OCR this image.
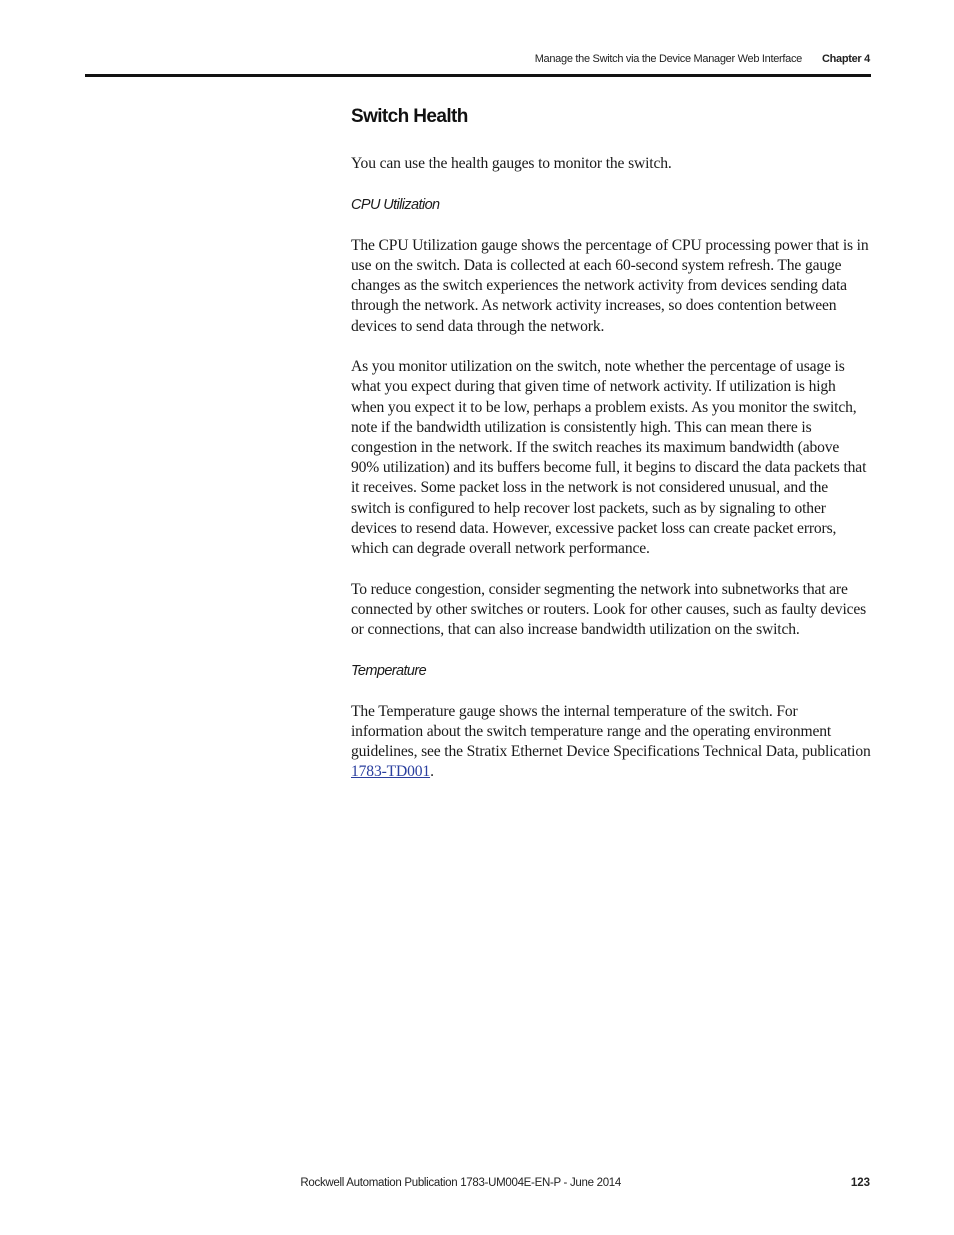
Manage the Switch via the Device Manager Web Interface Chapter 4
Switch Health

You can use the health gauges to monitor the switch.

CPU Utilization

The CPU Utilization gauge shows the percentage of CPU processing power that is in use on the switch. Data is collected at each 60-second system refresh. The gauge changes as the switch experiences the network activity from devices sending data through the network. As network activity increases, so does contention between devices to send data through the network.

As you monitor utilization on the switch, note whether the percentage of usage is what you expect during that given time of network activity. If utilization is high when you expect it to be low, perhaps a problem exists. As you monitor the switch, note if the bandwidth utilization is consistently high. This can mean there is congestion in the network. If the switch reaches its maximum bandwidth (above 90% utilization) and its buffers become full, it begins to discard the data packets that it receives. Some packet loss in the network is not considered unusual, and the switch is configured to help recover lost packets, such as by signaling to other devices to resend data. However, excessive packet loss can create packet errors, which can degrade overall network performance.

To reduce congestion, consider segmenting the network into subnetworks that are connected by other switches or routers. Look for other causes, such as faulty devices or connections, that can also increase bandwidth utilization on the switch.

Temperature

The Temperature gauge shows the internal temperature of the switch. For information about the switch temperature range and the operating environment guidelines, see the Stratix Ethernet Device Specifications Technical Data, publication 1783-TD001.

Rockwell Automation Publication 1783-UM004E-EN-P - June 2014	123
